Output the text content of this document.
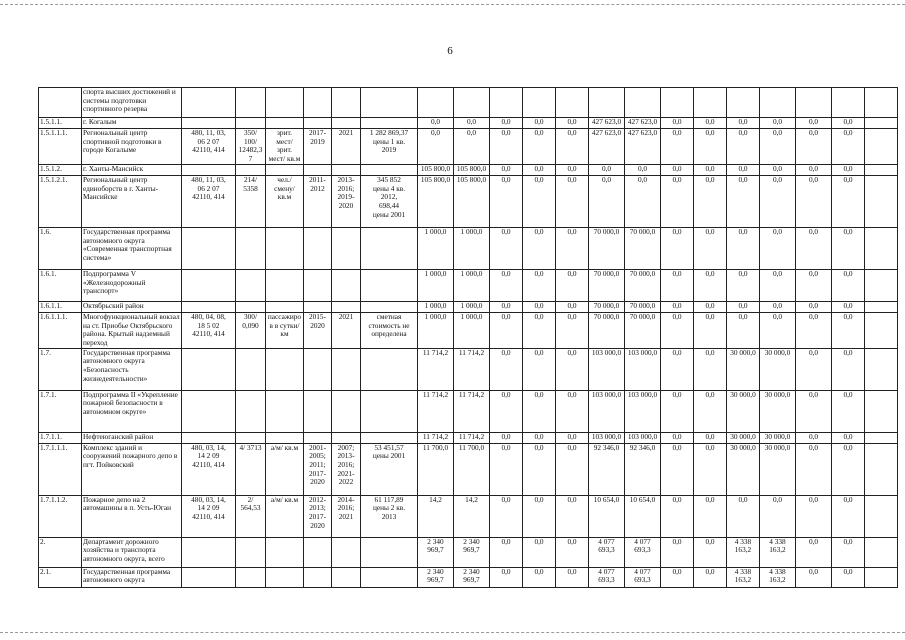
6
	спорта высших достижений и системы подготовки спортивного резерва																				
1.5.1.1.	г. Когалым							0,0	0,0	0,0	0,0	0,0	427 623,0	427 623,0	0,0	0,0	0,0	0,0	0,0	0,0	
1.5.1.1.1.	Региональный центр спортивной подготовки в городе Когалыме	480, 11, 03,
06 2 07
42110, 414	350/
100/
12482,3
7	зрит.
мест/
зрит.
мест/ кв.м	2017-
2019	2021	1 282 869,37
цены 1 кв.
2019	0,0	0,0	0,0	0,0	0,0	427 623,0	427 623,0	0,0	0,0	0,0	0,0	0,0	0,0	
1.5.1.2.	г. Ханты-Мансийск							105 800,0	105 800,0	0,0	0,0	0,0	0,0	0,0	0,0	0,0	0,0	0,0	0,0	0,0	
1.5.1.2.1.	Региональный центр единоборств в г. Ханты-Мансийске	480, 11, 03,
06 2 07
42110, 414	214/
5358	чел./
смену/
кв.м	2011-
2012	2013-
2016;
2019-
2020	345 852
цены 4 кв.
2012,
698,44
цены 2001	105 800,0	105 800,0	0,0	0,0	0,0	0,0	0,0	0,0	0,0	0,0	0,0	0,0	0,0	
1.6.	Государственная программа автономного округа «Современная транспортная система»							1 000,0	1 000,0	0,0	0,0	0,0	70 000,0	70 000,0	0,0	0,0	0,0	0,0	0,0	0,0	
1.6.1.	Подпрограмма V «Железнодорожный транспорт»							1 000,0	1 000,0	0,0	0,0	0,0	70 000,0	70 000,0	0,0	0,0	0,0	0,0	0,0	0,0	
1.6.1.1.	Октябрьский район							1 000,0	1 000,0	0,0	0,0	0,0	70 000,0	70 000,0	0,0	0,0	0,0	0,0	0,0	0,0	
1.6.1.1.1.	Многофункциональный вокзал на ст. Приобье Октябрьского района. Крытый надземный переход	480, 04, 08,
18 5 02
42110, 414	300/
0,090	пассажиро
в в сутки/
км	2015-
2020	2021	сметная
стоимость не
определена	1 000,0	1 000,0	0,0	0,0	0,0	70 000,0	70 000,0	0,0	0,0	0,0	0,0	0,0	0,0	
1.7.	Государственная программа автономного округа «Безопасность жизнедеятельности»							11 714,2	11 714,2	0,0	0,0	0,0	103 000,0	103 000,0	0,0	0,0	30 000,0	30 000,0	0,0	0,0	
1.7.1.	Подпрограмма II «Укрепление пожарной безопасности в автономном округе»							11 714,2	11 714,2	0,0	0,0	0,0	103 000,0	103 000,0	0,0	0,0	30 000,0	30 000,0	0,0	0,0	
1.7.1.1.	Нефтеюганский район							11 714,2	11 714,2	0,0	0,0	0,0	103 000,0	103 000,0	0,0	0,0	30 000,0	30 000,0	0,0	0,0	
1.7.1.1.1.	Комплекс зданий и сооружений пожарного депо в пгт. Пойковский	480, 03, 14,
14 2 09
42110, 414	4/ 3713	а/м/ кв.м	2001-
2005;
2011;
2017-
2020	2007;
2013-
2016;
2021-
2022	53 451,57
цены 2001	11 700,0	11 700,0	0,0	0,0	0,0	92 346,0	92 346,0	0,0	0,0	30 000,0	30 000,0	0,0	0,0	
1.7.1.1.2.	Пожарное депо на 2 автомашины в п. Усть-Юган	480, 03, 14,
14 2 09
42110, 414	2/
564,53	а/м/ кв.м	2012-
2013;
2017-
2020	2014-
2016;
2021	61 117,89
цены 2 кв.
2013	14,2	14,2	0,0	0,0	0,0	10 654,0	10 654,0	0,0	0,0	0,0	0,0	0,0	0,0	
2.	Департамент дорожного хозяйства и транспорта автономного округа, всего							2 340
969,7	2 340
969,7	0,0	0,0	0,0	4 077
693,3	4 077
693,3	0,0	0,0	4 338
163,2	4 338
163,2	0,0	0,0	
2.1.	Государственная программа автономного округа							2 340
969,7	2 340
969,7	0,0	0,0	0,0	4 077
693,3	4 077
693,3	0,0	0,0	4 338
163,2	4 338
163,2	0,0	0,0	
